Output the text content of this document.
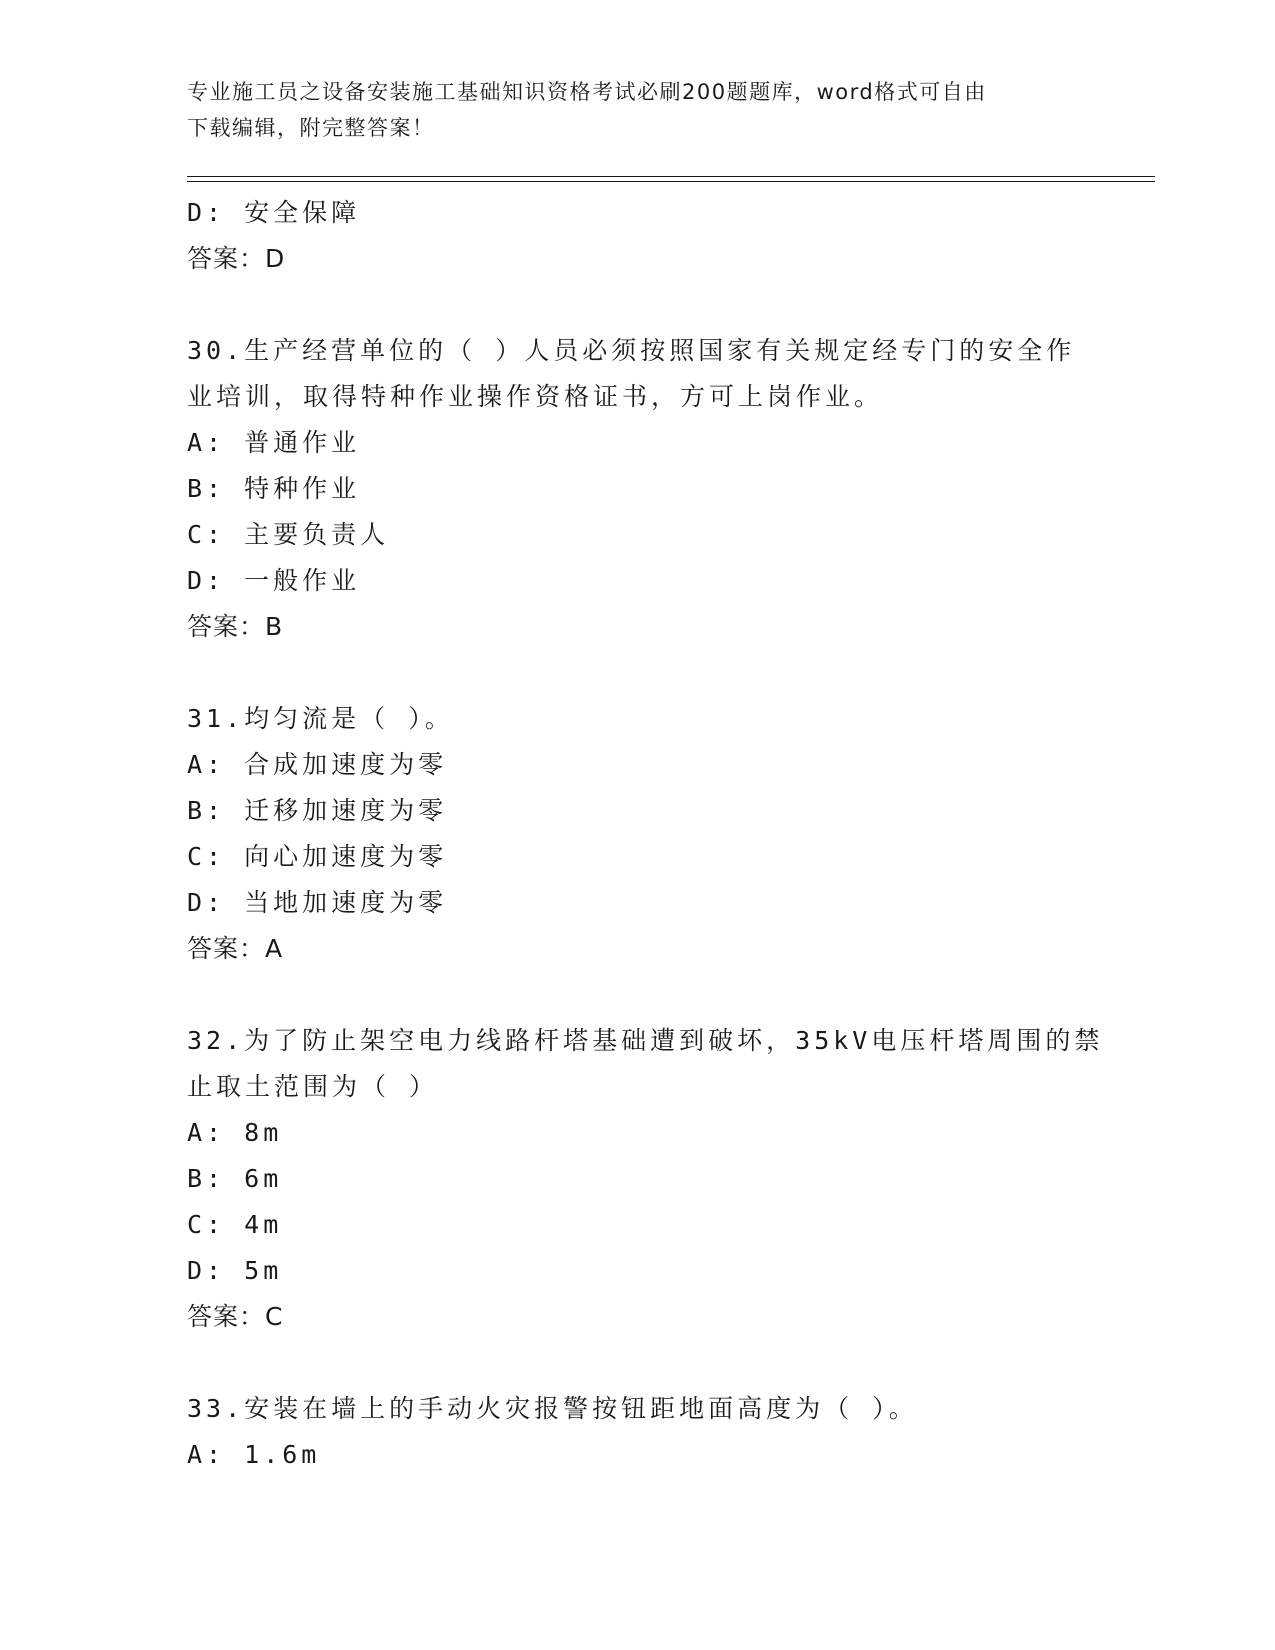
专业施工员之设备安装施工基础知识资格考试必刷200题题库，word格式可自由
下载编辑，附完整答案！
D: 安全保障
答案：D
30.生产经营单位的（ ）人员必须按照国家有关规定经专门的安全作
业培训，取得特种作业操作资格证书，方可上岗作业。
A: 普通作业
B: 特种作业
C: 主要负责人
D: 一般作业
答案：B
31.均匀流是（ ）。
A: 合成加速度为零
B: 迁移加速度为零
C: 向心加速度为零
D: 当地加速度为零
答案：A
32.为了防止架空电力线路杆塔基础遭到破坏，35kV电压杆塔周围的禁
止取土范围为（ ）
A: 8m
B: 6m
C: 4m
D: 5m
答案：C
33.安装在墙上的手动火灾报警按钮距地面高度为（ ）。
A: 1.6m
